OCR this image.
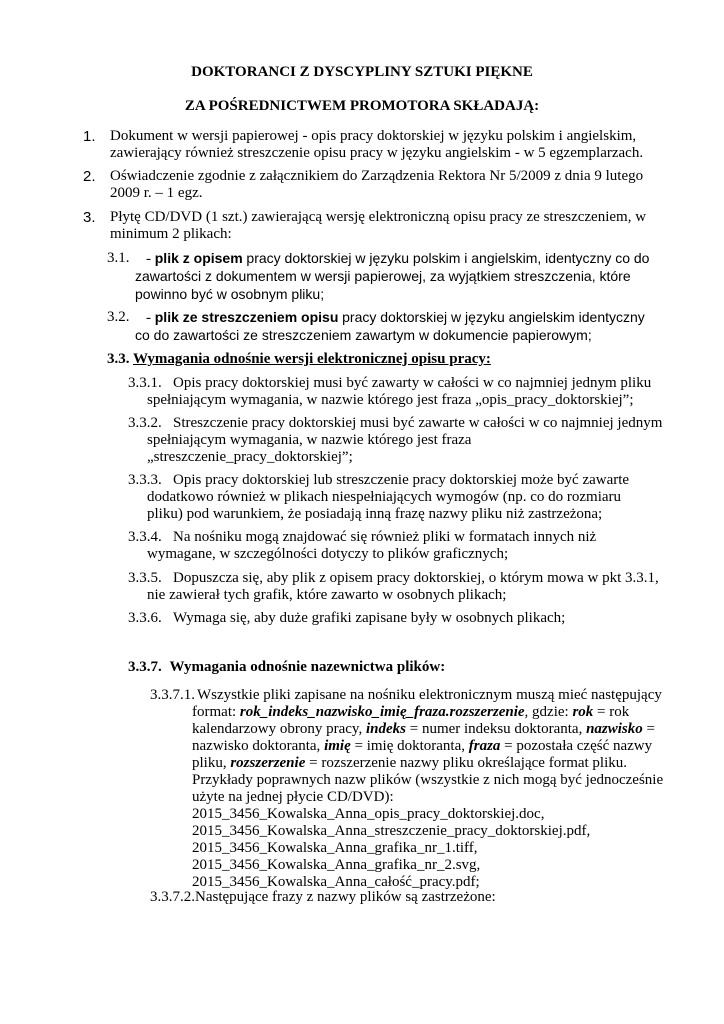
DOKTORANCI Z DYSCYPLINY SZTUKI PIĘKNE
ZA POŚREDNICTWEM PROMOTORA SKŁADAJĄ:
1. Dokument w wersji papierowej - opis pracy doktorskiej w języku polskim i angielskim, zawierający również streszczenie opisu pracy w języku angielskim - w 5 egzemplarzach.
2. Oświadczenie zgodnie z załącznikiem do Zarządzenia Rektora Nr 5/2009 z dnia 9 lutego 2009 r. – 1 egz.
3. Płytę CD/DVD (1 szt.) zawierającą wersję elektroniczną opisu pracy ze streszczeniem, w minimum 2 plikach:
3.1.	- plik z opisem pracy doktorskiej w języku polskim i angielskim, identyczny co do zawartości z dokumentem w wersji papierowej, za wyjątkiem streszczenia, które powinno być w osobnym pliku;
3.2.	- plik ze streszczeniem opisu pracy doktorskiej w języku angielskim identyczny co do zawartości ze streszczeniem zawartym w dokumencie papierowym;
3.3. Wymagania odnośnie wersji elektronicznej opisu pracy:
3.3.1. Opis pracy doktorskiej musi być zawarty w całości w co najmniej jednym pliku spełniającym wymagania, w nazwie którego jest fraza „opis_pracy_doktorskiej”;
3.3.2. Streszczenie pracy doktorskiej musi być zawarte w całości w co najmniej jednym spełniającym wymagania, w nazwie którego jest fraza „streszczenie_pracy_doktorskiej”;
3.3.3. Opis pracy doktorskiej lub streszczenie pracy doktorskiej może być zawarte dodatkowo również w plikach niespełniających wymogów (np. co do rozmiaru pliku) pod warunkiem, że posiadają inną frazę nazwy pliku niż zastrzeżona;
3.3.4. Na nośniku mogą znajdować się również pliki w formatach innych niż wymagane, w szczególności dotyczy to plików graficznych;
3.3.5. Dopuszcza się, aby plik z opisem pracy doktorskiej, o którym mowa w pkt 3.3.1, nie zawierał tych grafik, które zawarto w osobnych plikach;
3.3.6. Wymaga się, aby duże grafiki zapisane były w osobnych plikach;
3.3.7. Wymagania odnośnie nazewnictwa plików:
3.3.7.1. Wszystkie pliki zapisane na nośniku elektronicznym muszą mieć następujący format: rok_indeks_nazwisko_imię_fraza.rozszerzenie, gdzie: rok = rok kalendarzowy obrony pracy, indeks = numer indeksu doktoranta, nazwisko = nazwisko doktoranta, imię = imię doktoranta, fraza = pozostała część nazwy pliku, rozszerzenie = rozszerzenie nazwy pliku określające format pliku. Przykłady poprawnych nazw plików (wszystkie z nich mogą być jednocześnie użyte na jednej płycie CD/DVD):
2015_3456_Kowalska_Anna_opis_pracy_doktorskiej.doc,
2015_3456_Kowalska_Anna_streszczenie_pracy_doktorskiej.pdf,
2015_3456_Kowalska_Anna_grafika_nr_1.tiff,
2015_3456_Kowalska_Anna_grafika_nr_2.svg,
2015_3456_Kowalska_Anna_całość_pracy.pdf;
3.3.7.2.Następujące frazy z nazwy plików są zastrzeżone:
